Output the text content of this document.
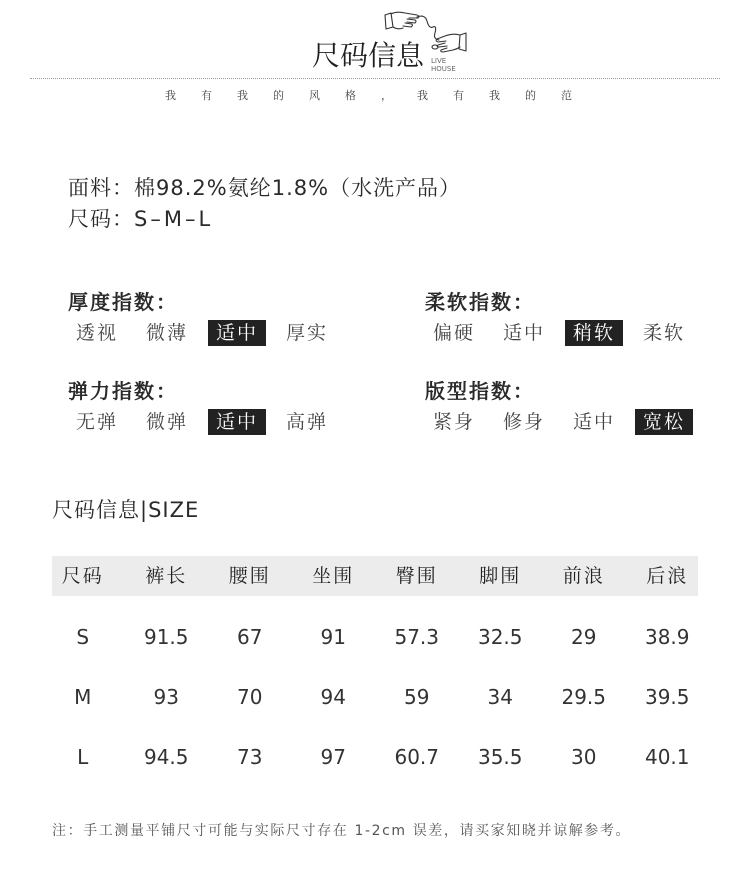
尺码信息 LIVE
HOUSE
我有我的风格，我有我的范
面料：棉98.2%氨纶1.8%（水洗产品）
尺码：S–M–L
厚度指数：
透视	微薄	适中	厚实
柔软指数：
偏硬	适中	稍软	柔软
弹力指数：
无弹	微弹	适中	高弹
版型指数：
紧身	修身	适中	宽松
尺码信息|SIZE
尺码	裤长	腰围	坐围	臀围	脚围	前浪	后浪
S	91.5	67	91	57.3	32.5	29	38.9
M	93	70	94	59	34	29.5	39.5
L	94.5	73	97	60.7	35.5	30	40.1
注：手工测量平铺尺寸可能与实际尺寸存在 1-2cm 误差，请买家知晓并谅解参考。
